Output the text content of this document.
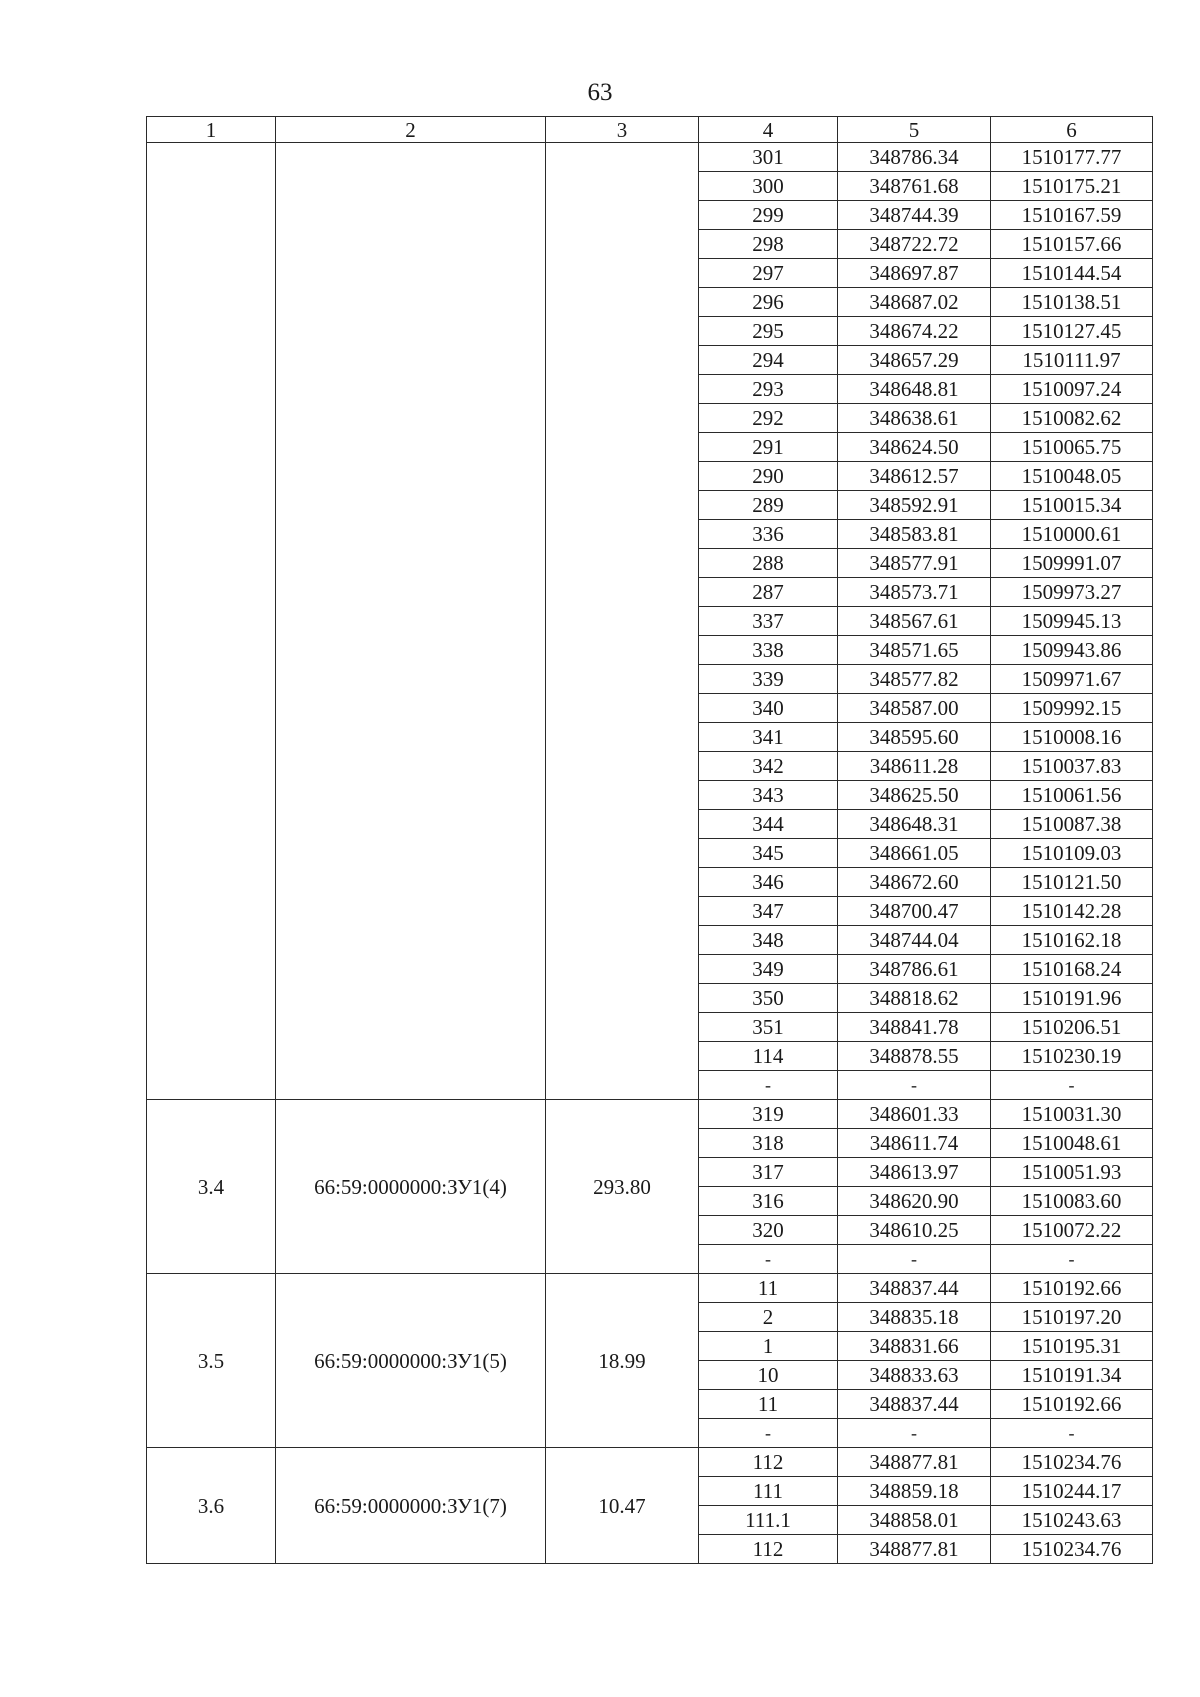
63
1	2	3	4	5	6
			301	348786.34	1510177.77
			300	348761.68	1510175.21
			299	348744.39	1510167.59
			298	348722.72	1510157.66
			297	348697.87	1510144.54
			296	348687.02	1510138.51
			295	348674.22	1510127.45
			294	348657.29	1510111.97
			293	348648.81	1510097.24
			292	348638.61	1510082.62
			291	348624.50	1510065.75
			290	348612.57	1510048.05
			289	348592.91	1510015.34
			336	348583.81	1510000.61
			288	348577.91	1509991.07
			287	348573.71	1509973.27
			337	348567.61	1509945.13
			338	348571.65	1509943.86
			339	348577.82	1509971.67
			340	348587.00	1509992.15
			341	348595.60	1510008.16
			342	348611.28	1510037.83
			343	348625.50	1510061.56
			344	348648.31	1510087.38
			345	348661.05	1510109.03
			346	348672.60	1510121.50
			347	348700.47	1510142.28
			348	348744.04	1510162.18
			349	348786.61	1510168.24
			350	348818.62	1510191.96
			351	348841.78	1510206.51
			114	348878.55	1510230.19
			-	-	-
3.4	66:59:0000000:ЗУ1(4)	293.80	319	348601.33	1510031.30
			318	348611.74	1510048.61
			317	348613.97	1510051.93
			316	348620.90	1510083.60
			320	348610.25	1510072.22
			-	-	-
3.5	66:59:0000000:ЗУ1(5)	18.99	11	348837.44	1510192.66
			2	348835.18	1510197.20
			1	348831.66	1510195.31
			10	348833.63	1510191.34
			11	348837.44	1510192.66
			-	-	-
3.6	66:59:0000000:ЗУ1(7)	10.47	112	348877.81	1510234.76
			111	348859.18	1510244.17
			111.1	348858.01	1510243.63
			112	348877.81	1510234.76
